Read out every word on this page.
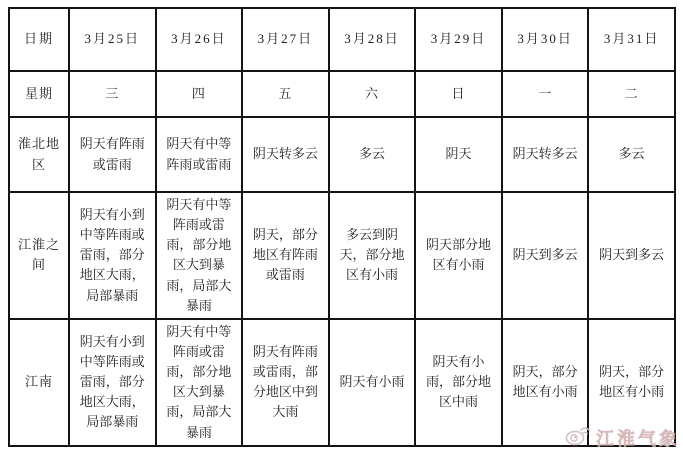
日期	3月25日	3月26日	3月27日	3月28日	3月29日	3月30日	3月31日
星期	三	四	五	六	日	一	二
淮北地区	阴天有阵雨或雷雨	阴天有中等阵雨或雷雨	阴天转多云	多云	阴天	阴天转多云	多云
江淮之间	阴天有小到中等阵雨或雷雨，部分地区大雨，局部暴雨	阴天有中等阵雨或雷雨，部分地区大到暴雨，局部大暴雨	阴天，部分地区有阵雨或雷雨	多云到阴天，部分地区有小雨	阴天部分地区有小雨	阴天到多云	阴天到多云
江南	阴天有小到中等阵雨或雷雨，部分地区大雨，局部暴雨	阴天有中等阵雨或雷雨，部分地区大到暴雨，局部大暴雨	阴天有阵雨或雷雨，部分地区中到大雨	阴天有小雨	阴天有小雨，部分地区中雨	阴天，部分地区有小雨	阴天，部分地区有小雨
江淮气象
